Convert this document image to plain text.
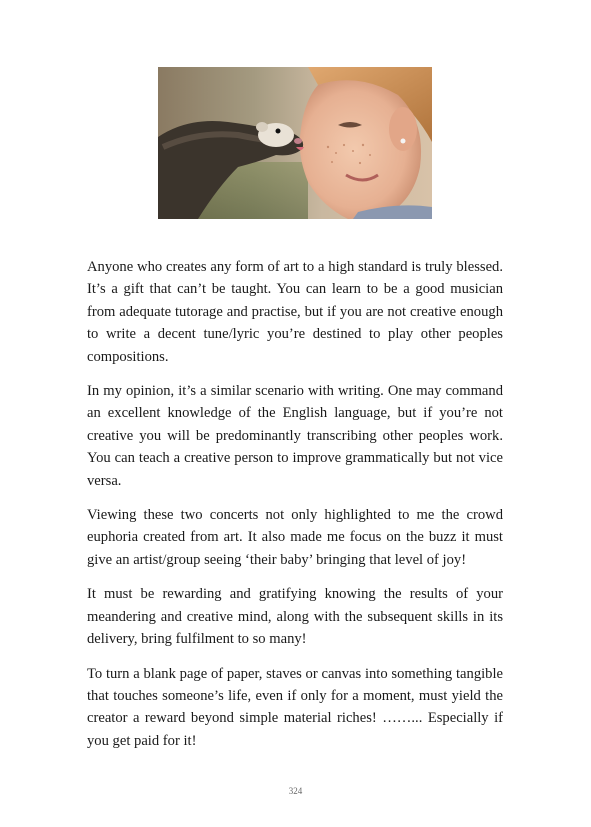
Anyone who creates any form of art to a high standard is truly blessed. It’s a gift that can’t be taught. You can learn to be a good musician from adequate tutorage and practise, but if you are not creative enough to write a decent tune/lyric you’re destined to play other peoples compositions.

In my opinion, it’s a similar scenario with writing. One may command an excellent knowledge of the English language, but if you’re not creative you will be predominantly transcribing other peoples work. You can teach a creative person to improve grammatically but not vice versa.

Viewing these two concerts not only highlighted to me the crowd euphoria created from art. It also made me focus on the buzz it must give an artist/group seeing ‘their baby’ bringing that level of joy!

It must be rewarding and gratifying knowing the results of your meandering and creative mind, along with the subsequent skills in its delivery, bring fulfilment to so many!

To turn a blank page of paper, staves or canvas into something tangible that touches someone’s life, even if only for a moment, must yield the creator a reward beyond simple material riches! ……... Especially if you get paid for it!

324
